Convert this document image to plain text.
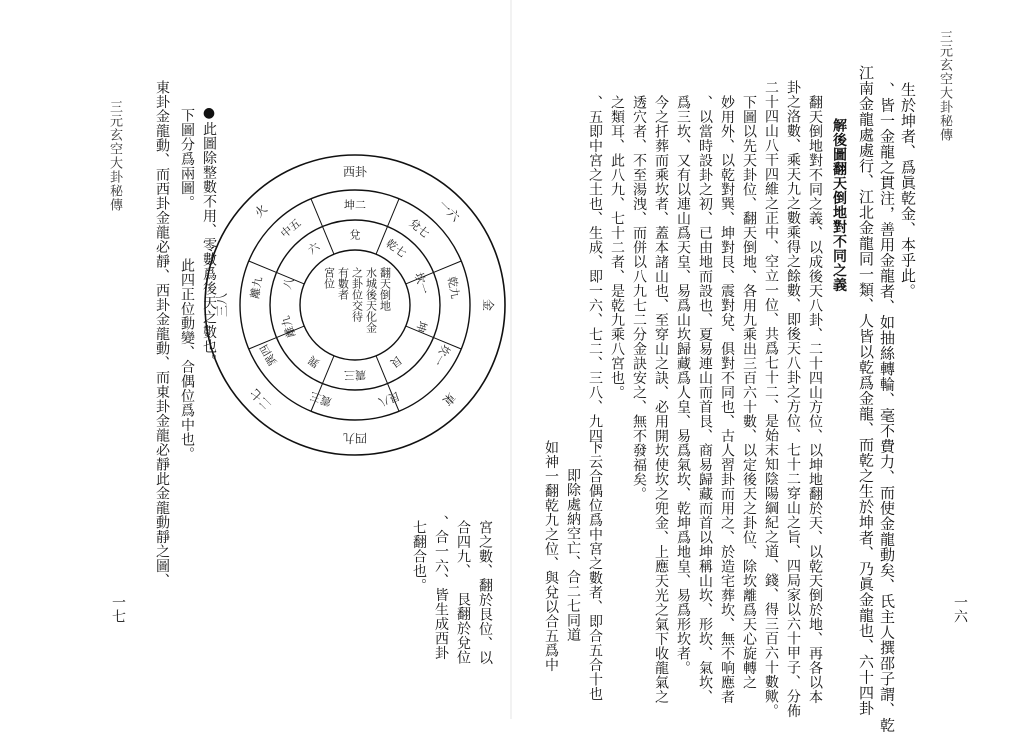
三元玄空大卦秘傳
一六
生於坤者、爲眞乾金、本乎此。
、皆一金龍之貫注，善用金龍者、如抽絲轉輪、毫不費力、而使金龍動矣、氏主人撰邵子謂、乾
江南金龍處處行、江北金龍同一類、人皆以乾爲金龍、而乾之生於坤者、乃眞金龍也、六十四卦
解後圖翻天倒地對不同之義
翻天倒地對不同之義、以成後天八卦、二十四山方位、以坤地翻於天、以乾天倒於地、再各以本
卦之洛數、乘天九之數乘得之餘數、即後天八卦之方位、七十二穿山之旨、四局家以六十甲子、分佈
二十四山八干四維之正中、空立一位、共爲七十二、是始末知陰陽綱紀之道、錢、得三百六十數歟。
下圖以先天卦位、翻天倒地、各用九乘出三百六十數、以定後天之卦位、除坎離爲天心旋轉之
妙用外、以乾對巽、坤對艮、震對兌、俱對不同也、古人習卦而用之、於造宅葬坎、無不响應者
、以當時設卦之初、已由地而設也、夏易連山而首艮、商易歸藏而首以坤稱山坎、形坎、氣坎、
爲三坎、又有以連山爲天皇、易爲山坎歸藏爲人皇、易爲氣坎、乾坤爲地皇、易爲形坎者。
今之扦葬而乘坎者、蓋本諸山也、至穿山之訣、必用開坎使坎之兜金、上應天光之氣下收龍氣之
透穴者、不至湯洩、而併以八九七二分金訣安之、無不發福矣。
之類耳、此八九、七十二者、是乾九乘八宮也。
、五即中宮之土也、生成、即一六、七二、三八、九四。
下云合偶位爲中宮之數者、即合五合十也
即除處納空亡、合二七同道
如神一翻乾九之位、與兌以合五爲中
三元玄空大卦秘傳
一七
●此圖除整數不用、零數爲後天之數也。
下圖分爲兩圖。
此四正位動變、合偶位爲中也。
東卦金龍動、而西卦金龍必靜、西卦金龍動、而東卦金龍必靜此金龍動靜之圖、
宮之數、翻於艮位、以
合四九、
艮翻於兌位
、合一六、皆生成西卦
七翻合也。
翻天倒地
水城後天化金
之卦位交待
有數者
宮位
兌
乾七
坎一
坤
艮
震三
巽
離九
八
六
坤二
兌七
乾九
坎一
艮八
震三
巽四
離九
中五
西卦
一六
金
東
四九
二七
三八
火
